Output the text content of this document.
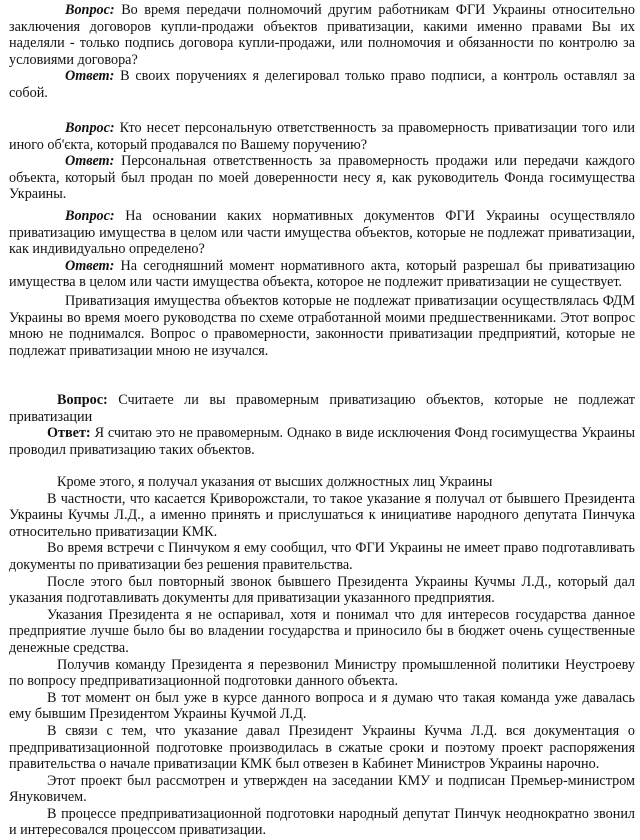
Вопрос: Во время передачи полномочий другим работникам ФГИ Украины относительно заключения договоров купли-продажи объектов приватизации, какими именно правами Вы их наделяли - только подпись договора купли-продажи, или полномочия и обязанности по контролю за условиями договора?

Ответ: В своих поручениях я делегировал только право подписи, а контроль оставлял за собой.

Вопрос: Кто несет персональную ответственность за правомерность приватизации того или иного об'єкта, который продавался по Вашему поручению?

Ответ: Персональная ответственность за правомерность продажи или передачи каждого объекта, который был продан по моей доверенности несу я, как руководитель Фонда госимущества Украины.

Вопрос: На основании каких нормативных документов ФГИ Украины осуществляло приватизацию имущества в целом или части имущества объектов, которые не подлежат приватизации, как индивидуально определено?

Ответ: На сегодняшний момент нормативного акта, который разрешал бы приватизацию имущества в целом или части имущества объекта, которое не подлежит приватизации не существует.

Приватизация имущества объектов которые не подлежат приватизации осуществлялась ФДМ Украины во время моего руководства по схеме отработанной моими предшественниками. Этот вопрос мною не поднимался. Вопрос о правомерности, законности приватизации предприятий, которые не подлежат приватизации мною не изучался.

Вопрос: Считаете ли вы правомерным приватизацию объектов, которые не подлежат приватизации

Ответ: Я считаю это не правомерным. Однако в виде исключения Фонд госимущества Украины проводил приватизацию таких объектов.

Кроме этого, я получал указания от высших должностных лиц Украины

В частности, что касается Криворожстали, то такое указание я получал от бывшего Президента Украины Кучмы Л.Д., а именно принять и прислушаться к инициативе народного депутата Пинчука относительно приватизации КМК.

Во время встречи с Пинчуком я ему сообщил, что ФГИ Украины не имеет право подготавливать документы по приватизации без решения правительства.

После этого был повторный звонок бывшего Президента Украины Кучмы Л.Д., который дал указания подготавливать документы для приватизации указанного предприятия.

Указания Президента я не оспаривал, хотя и понимал что для интересов государства данное предприятие лучше было бы во владении государства и приносило бы в бюджет очень существенные денежные средства.

Получив команду Президента я перезвонил Министру промышленной политики Неустроеву по вопросу предприватизационной подготовки данного объекта.

В тот момент он был уже в курсе данного вопроса и я думаю что такая команда уже давалась ему бывшим Президентом Украины Кучмой Л.Д.

В связи с тем, что указание давал Президент Украины Кучма Л.Д. вся документация о предприватизационной подготовке производилась в сжатые сроки и поэтому проект распоряжения правительства о начале приватизации КМК был отвезен в Кабинет Министров Украины нарочно.

Этот проект был рассмотрен и утвержден на заседании КМУ и подписан Премьер-министром Януковичем.

В процессе предприватизационной подготовки народный депутат Пинчук неоднократно звонил и интересовался процессом приватизации.
